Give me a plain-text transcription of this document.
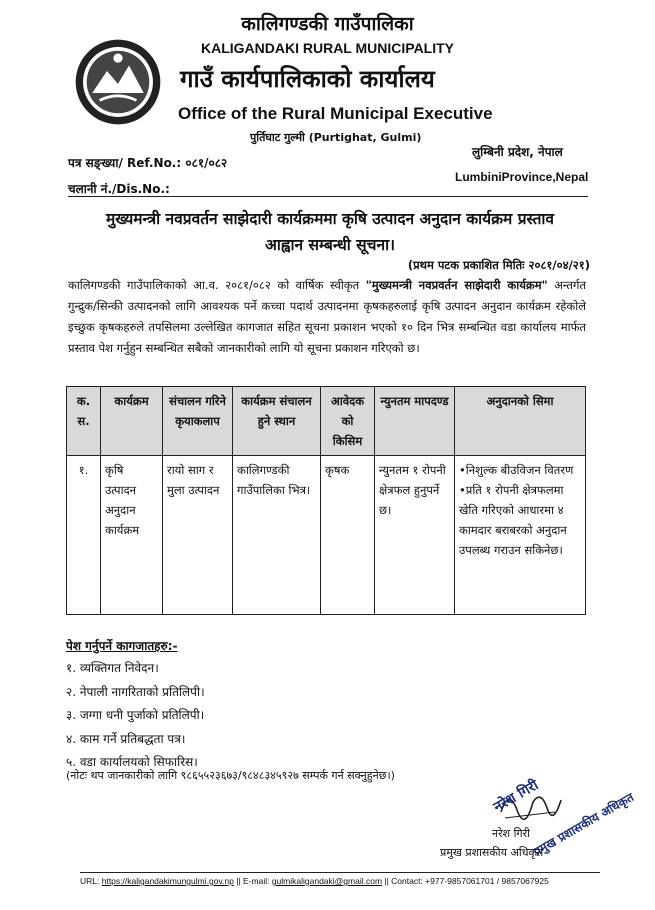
कालिगण्डकी गाउँपालिका
KALIGANDAKI RURAL MUNICIPALITY
गाउँ कार्यपालिकाको कार्यालय
Office of the Rural Municipal Executive
पुर्तिघाट गुल्मी (Purtighat, Gulmi)
पत्र सङ्ख्या/ Ref.No.: ०८१/०८२
चलानी नं./Dis.No.:
लुम्बिनी प्रदेश, नेपाल
LumbiniProvince,Nepal
मुख्यमन्त्री नवप्रवर्तन साझेदारी कार्यक्रममा कृषि उत्पादन अनुदान कार्यक्रम प्रस्ताव
आह्वान सम्बन्धी सूचना।
(प्रथम पटक प्रकाशित मितिः २०८१/०४/२१)
कालिगण्डकी गाउँपालिकाको आ.व. २०८१/०८२ को वार्षिक स्वीकृत "मुख्यमन्त्री नवप्रवर्तन साझेदारी कार्यक्रम" अन्तर्गत गुन्द्रुक/सिन्की उत्पादनको लागि आवश्यक पर्ने कच्चा पदार्थ उत्पादनमा कृषकहरुलाई कृषि उत्पादन अनुदान कार्यक्रम रहेकोले इच्छुक कृषकहरुले तपसिलमा उल्लेखित कागजात सहित सूचना प्रकाशन भएको १० दिन भित्र सम्बन्धित वडा कार्यालय मार्फत प्रस्ताव पेश गर्नुहुन सम्बन्धित सबैको जानकारीको लागि यो सूचना प्रकाशन गरिएको छ।
क. स.	कार्यक्रम	संचालन गरिने कृयाकलाप	कार्यक्रम संचालन हुने स्थान	आवेदक को किसिम	न्युनतम मापदण्ड	अनुदानको सिमा
१.	कृषि उत्पादन अनुदान कार्यक्रम	रायो साग र मुला उत्पादन	कालिगण्डकी गाउँपालिका भित्र।	कृषक	न्युनतम १ रोपनी क्षेत्रफल हुनुपर्ने छ।	•निशुल्क बीउविजन वितरण
•प्रति १ रोपनी क्षेत्रफलमा खेति गरिएको आधारमा ४ कामदार बराबरको अनुदान उपलब्ध गराउन सकिनेछ।
पेश गर्नुपर्ने कागजातहरु:-
१. व्यक्तिगत निवेदन।
२. नेपाली नागरिताको प्रतिलिपी।
३. जग्गा धनी पुर्जाको प्रतिलिपी।
४. काम गर्ने प्रतिबद्धता पत्र।
५. वडा कार्यालयको सिफारिस।
(नोटः थप जानकारीको लागि ९८६५५२३६७३/९८४८३४५९२७ सम्पर्क गर्न सक्नुहुनेछ।)
नरेश गिरी
प्रमुख प्रशासकीय अधिकृत
नरेश गिरी
प्रमुख प्रशासकीय अधिकृत
URL: https://kaligandakimungulmi.gov.np || E-mail: gulmikaligandaki@gmail.com || Contact: +977-9857061701 / 9857067925
